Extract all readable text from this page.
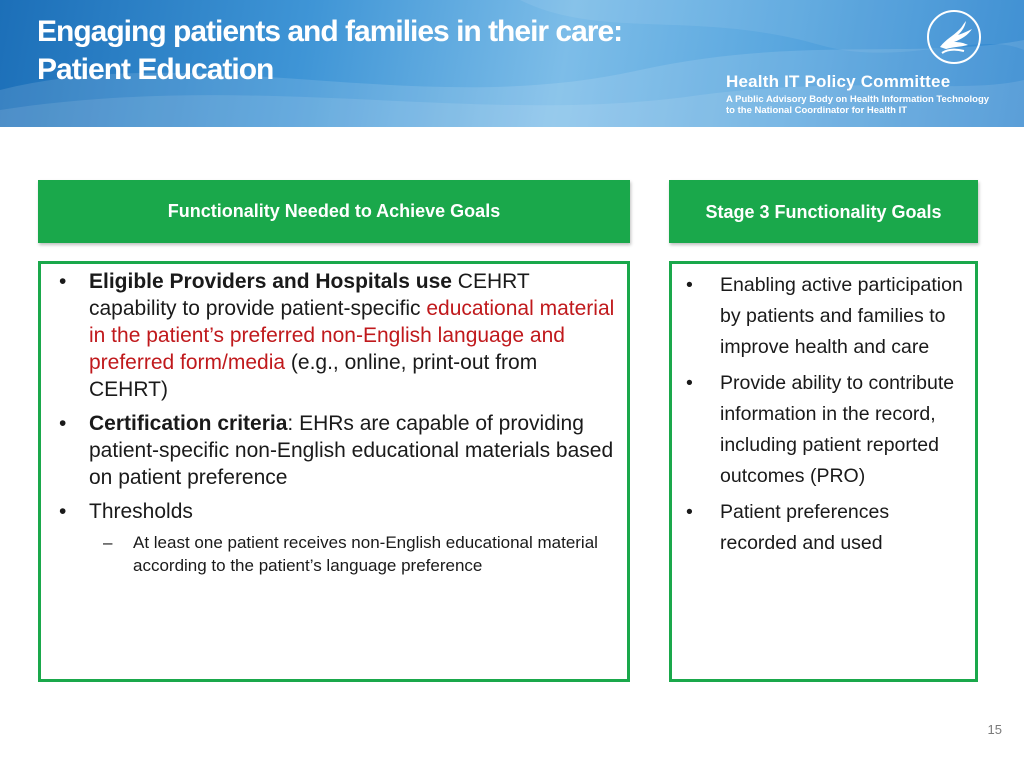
Engaging patients and families in their care:
Patient Education	Health IT Policy Committee
A Public Advisory Body on Health Information Technology
to the National Coordinator for Health IT
Functionality Needed to Achieve Goals	Stage 3 Functionality Goals
• Eligible Providers and Hospitals use CEHRT capability to provide patient-specific educational material in the patient’s preferred non-English language and preferred form/media (e.g., online, print-out from CEHRT)
• Certification criteria: EHRs are capable of providing patient-specific non-English educational materials based on patient preference
• Thresholds
– At least one patient receives non-English educational material according to the patient’s language preference
• Enabling active participation by patients and families to improve health and care
• Provide ability to contribute information in the record, including patient reported outcomes (PRO)
• Patient preferences recorded and used
15
